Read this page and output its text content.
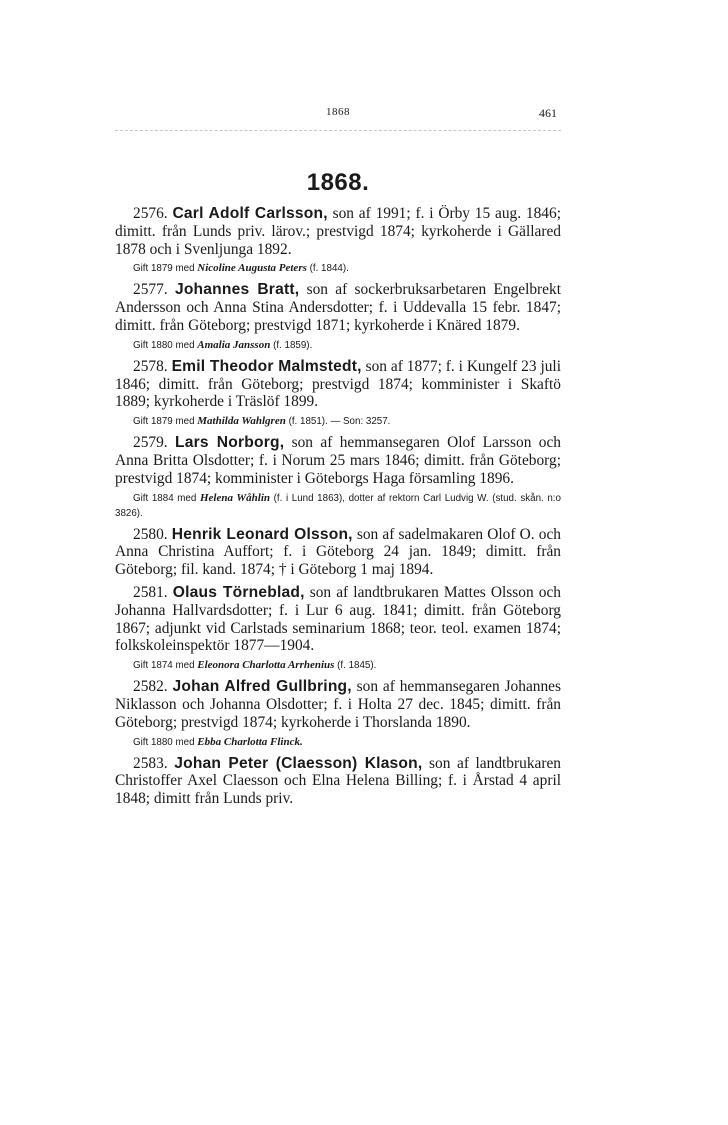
1868	461
1868.

2576. Carl Adolf Carlsson, son af 1991; f. i Örby 15 aug. 1846; dimitt. från Lunds priv. lärov.; prestvigd 1874; kyrkoherde i Gällared 1878 och i Svenljunga 1892.

Gift 1879 med Nicoline Augusta Peters (f. 1844).

2577. Johannes Bratt, son af sockerbruksarbetaren Engelbrekt Andersson och Anna Stina Andersdotter; f. i Uddevalla 15 febr. 1847; dimitt. från Göteborg; prestvigd 1871; kyrkoherde i Knäred 1879.

Gift 1880 med Amalia Jansson (f. 1859).

2578. Emil Theodor Malmstedt, son af 1877; f. i Kungelf 23 juli 1846; dimitt. från Göteborg; prestvigd 1874; komminister i Skaftö 1889; kyrkoherde i Träslöf 1899.

Gift 1879 med Mathilda Wahlgren (f. 1851). — Son: 3257.

2579. Lars Norborg, son af hemmansegaren Olof Larsson och Anna Britta Olsdotter; f. i Norum 25 mars 1846; dimitt. från Göteborg; prestvigd 1874; komminister i Göteborgs Haga församling 1896.

Gift 1884 med Helena Wåhlin (f. i Lund 1863), dotter af rektorn Carl Ludvig W. (stud. skån. n:o 3826).

2580. Henrik Leonard Olsson, son af sadelmakaren Olof O. och Anna Christina Auffort; f. i Göteborg 24 jan. 1849; dimitt. från Göteborg; fil. kand. 1874; † i Göteborg 1 maj 1894.

2581. Olaus Törneblad, son af landtbrukaren Mattes Olsson och Johanna Hallvardsdotter; f. i Lur 6 aug. 1841; dimitt. från Göteborg 1867; adjunkt vid Carlstads seminarium 1868; teor. teol. examen 1874; folkskoleinspektör 1877—1904.

Gift 1874 med Eleonora Charlotta Arrhenius (f. 1845).

2582. Johan Alfred Gullbring, son af hemmansegaren Johannes Niklasson och Johanna Olsdotter; f. i Holta 27 dec. 1845; dimitt. från Göteborg; prestvigd 1874; kyrkoherde i Thorslanda 1890.

Gift 1880 med Ebba Charlotta Flinck.

2583. Johan Peter (Claesson) Klason, son af landtbrukaren Christoffer Axel Claesson och Elna Helena Billing; f. i Årstad 4 april 1848; dimitt från Lunds priv.
